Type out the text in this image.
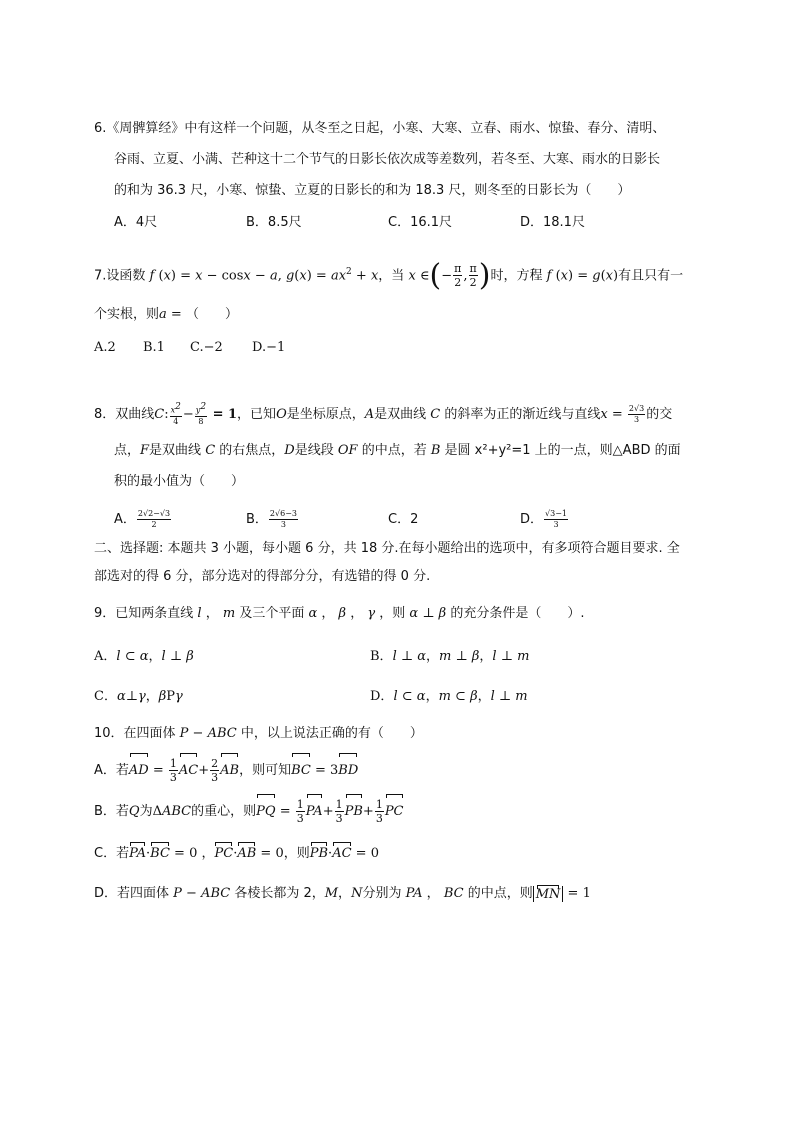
6.《周髀算经》中有这样一个问题，从冬至之日起，小寒、大寒、立春、雨水、惊蛰、春分、清明、
谷雨、立夏、小满、芒种这十二个节气的日影长依次成等差数列，若冬至、大寒、雨水的日影长
的和为 36.3 尺，小寒、惊蛰、立夏的日影长的和为 18.3 尺，则冬至的日影长为（　　）
A．4尺	B．8.5尺	C．16.1尺	D．18.1尺
7.设函数 f (x) = x − cosx − a, $g(x) = ax^2 + x$，当 x ∈(− $\frac{\pi}{2}$ , $\frac{\pi}{2}$ )时，方程 f (x) = g(x)有且只有一
个实根，则a = （　　）
A.2 B.1 C.−2 D.−1
8．双曲线C: $\frac{x^2}{4} - \frac{y^2}{8} = 1$，已知O是坐标原点，A是双曲线 C 的斜率为正的渐近线与直线$x = \frac{2√3}{3}$ 的交
点，F是双曲线 C 的右焦点，D是线段 OF 的中点，若 B 是圆 x²+y²=1 上的一点，则△ABD 的面
积的最小值为（　　）
A． $\frac{2√2-√3}{2}$	B． $\frac{2√6-3}{3}$	C．2	D． $\frac{√3-1}{3}$
二、选择题: 本题共 3 小题，每小题 6 分，共 18 分.在每小题给出的选项中，有多项符合题目要求. 全
部选对的得 6 分，部分选对的得部分分，有选错的得 0 分.
9．已知两条直线 l ， m 及三个平面 α ， β ， γ ，则 α ⊥ β 的充分条件是（　　）.
A．l ⊂ α，l ⊥ β	B．l ⊥ α，m ⊥ β，l ⊥ m
C．α⊥γ，βPγ	D．l ⊂ α，m ⊂ β，l ⊥ m
10．在四面体 P − ABC 中，以上说法正确的有（　　）
A．若AD = $\frac{1}{3} AC+ \frac{2}{3}$ AB，则可知BC = 3BD
B．若Q为ΔABC的重心，则PQ = $\frac{1}{3} PA+ \frac{1}{3} PB+ \frac{1}{3}$ PC
C．若PA·BC = 0 ，PC·AB = 0，则PB·AC = 0
D．若四面体 P − ABC 各棱长都为 2，M，N分别为 PA ， BC 的中点，则 MN = 1
